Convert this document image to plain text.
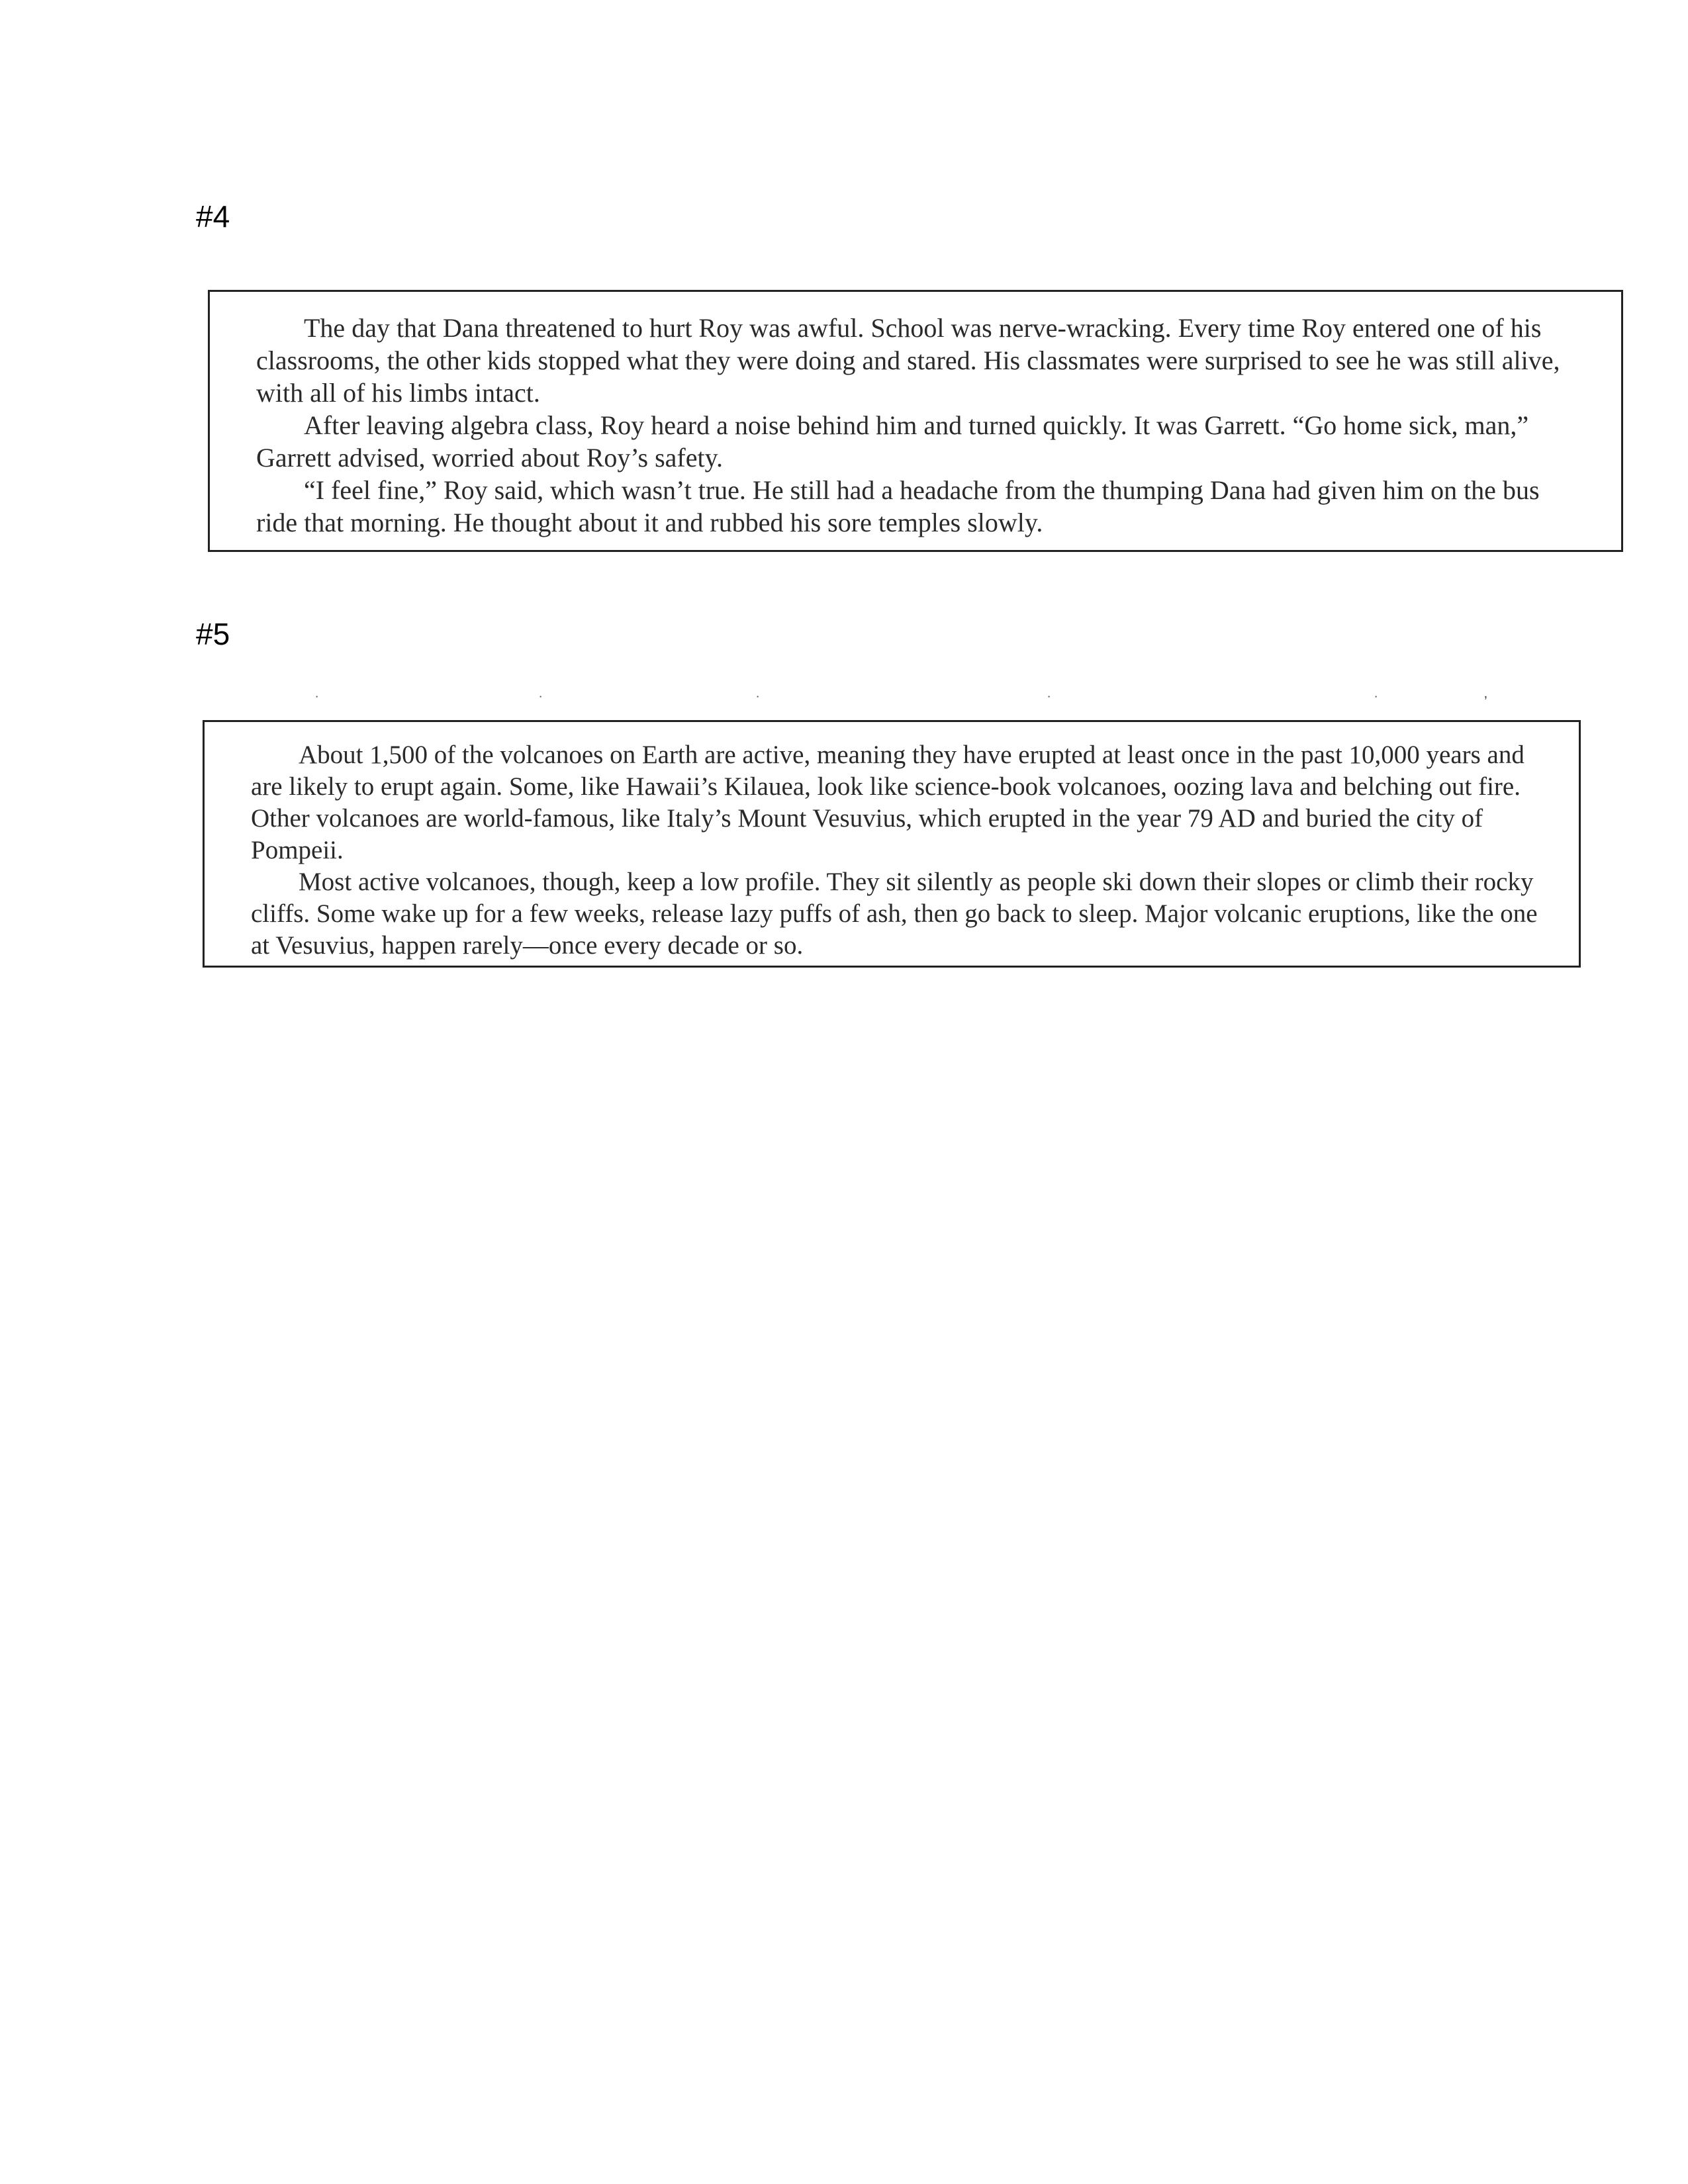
#4

The day that Dana threatened to hurt Roy was awful. School was nerve-wracking. Every time Roy entered one of his classrooms, the other kids stopped what they were doing and stared. His classmates were surprised to see he was still alive, with all of his limbs intact.

After leaving algebra class, Roy heard a noise behind him and turned quickly. It was Garrett. “Go home sick, man,” Garrett advised, worried about Roy’s safety.

“I feel fine,” Roy said, which wasn’t true. He still had a headache from the thumping Dana had given him on the bus ride that morning. He thought about it and rubbed his sore temples slowly.

#5
˙	˙	˙	˙	˙	ʼ

About 1,500 of the volcanoes on Earth are active, meaning they have erupted at least once in the past 10,000 years and are likely to erupt again. Some, like Hawaii’s Kilauea, look like science-book volcanoes, oozing lava and belching out fire. Other volcanoes are world-famous, like Italy’s Mount Vesuvius, which erupted in the year 79 AD and buried the city of Pompeii.

Most active volcanoes, though, keep a low profile. They sit silently as people ski down their slopes or climb their rocky cliffs. Some wake up for a few weeks, release lazy puffs of ash, then go back to sleep. Major volcanic eruptions, like the one at Vesuvius, happen rarely—once every decade or so.
